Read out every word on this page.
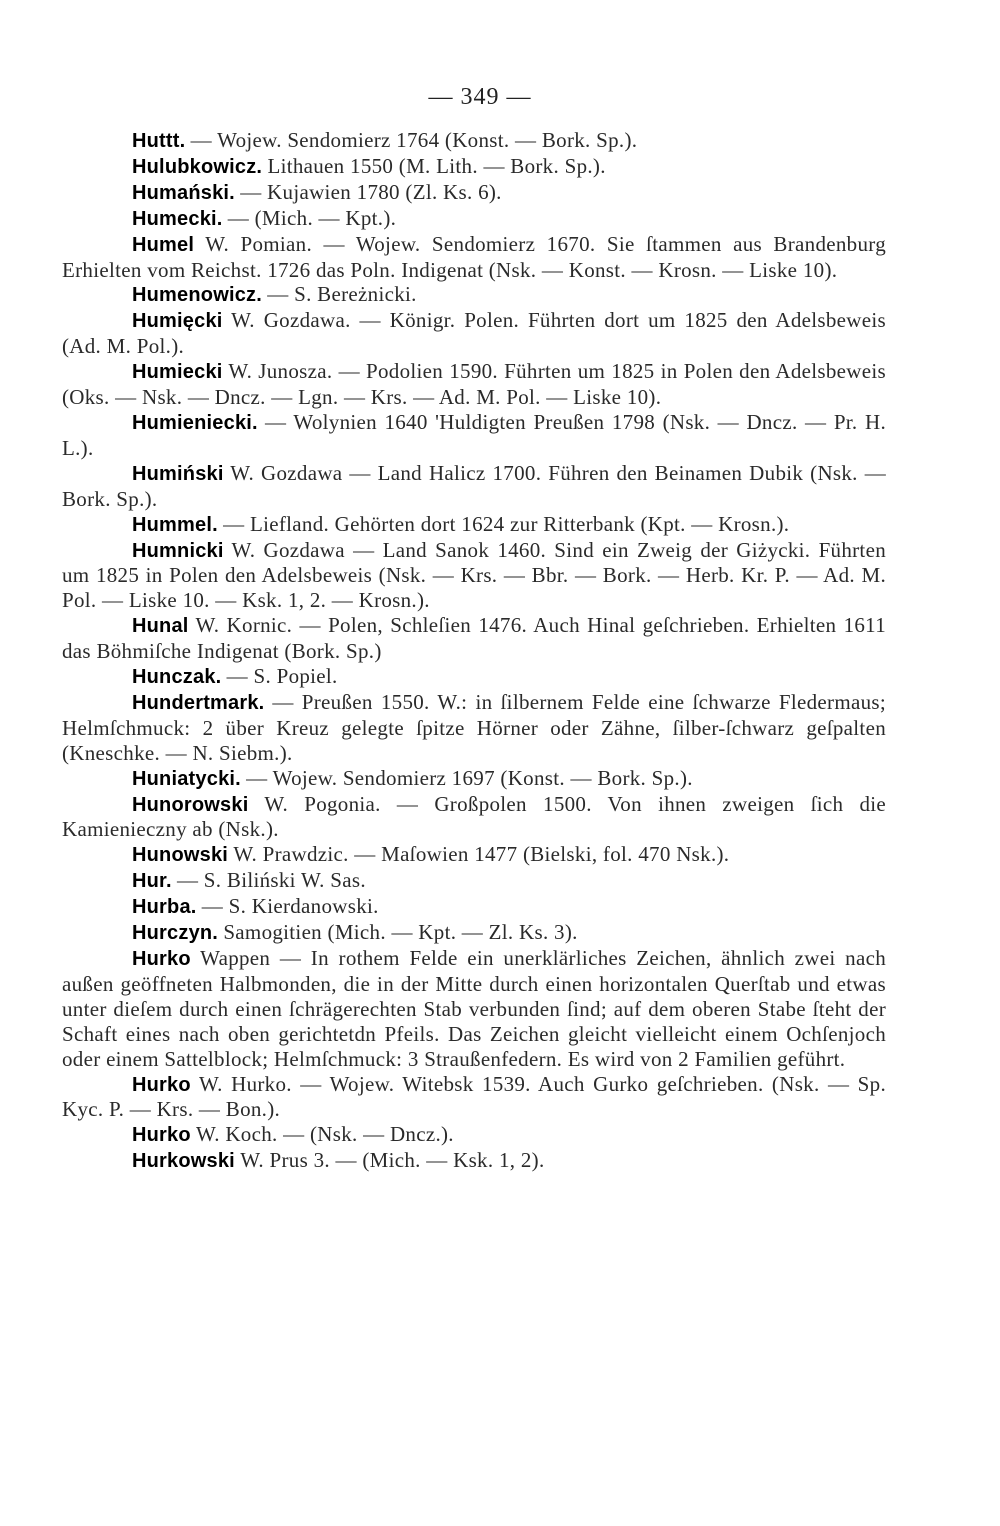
— 349 —

Huttt. — Wojew. Sendomierz 1764 (Konst. — Bork. Sp.).

Hulubkowicz. Lithauen 1550 (M. Lith. — Bork. Sp.).

Humański. — Kujawien 1780 (Zl. Ks. 6).

Humecki. — (Mich. — Kpt.).

Humel W. Pomian. — Wojew. Sendomierz 1670. Sie ſtammen aus Brandenburg Erhielten vom Reichst. 1726 das Poln. Indigenat (Nsk. — Konst. — Krosn. — Liske 10).

Humenowicz. — S. Bereżnicki.

Humięcki W. Gozdawa. — Königr. Polen. Führten dort um 1825 den Adelsbeweis (Ad. M. Pol.).

Humiecki W. Junosza. — Podolien 1590. Führten um 1825 in Polen den Adelsbeweis (Oks. — Nsk. — Dncz. — Lgn. — Krs. — Ad. M. Pol. — Liske 10).

Humieniecki. — Wolynien 1640 'Huldigten Preußen 1798 (Nsk. — Dncz. — Pr. H. L.).

Humiński W. Gozdawa — Land Halicz 1700. Führen den Beinamen Dubik (Nsk. — Bork. Sp.).

Hummel. — Liefland. Gehörten dort 1624 zur Ritterbank (Kpt. — Krosn.).

Humnicki W. Gozdawa — Land Sanok 1460. Sind ein Zweig der Giżycki. Führten um 1825 in Polen den Adelsbeweis (Nsk. — Krs. — Bbr. — Bork. — Herb. Kr. P. — Ad. M. Pol. — Liske 10. — Ksk. 1, 2. — Krosn.).

Hunal W. Kornic. — Polen, Schleſien 1476. Auch Hinal geſchrieben. Erhielten 1611 das Böhmiſche Indigenat (Bork. Sp.)

Hunczak. — S. Popiel.

Hundertmark. — Preußen 1550. W.: in ſilbernem Felde eine ſchwarze Fledermaus; Helmſchmuck: 2 über Kreuz gelegte ſpitze Hörner oder Zähne, ſilber-ſchwarz geſpalten (Kneschke. — N. Siebm.).

Huniatycki. — Wojew. Sendomierz 1697 (Konst. — Bork. Sp.).

Hunorowski W. Pogonia. — Großpolen 1500. Von ihnen zweigen ſich die Kamienieczny ab (Nsk.).

Hunowski W. Prawdzic. — Maſowien 1477 (Bielski, fol. 470 Nsk.).

Hur. — S. Biliński W. Sas.

Hurba. — S. Kierdanowski.

Hurczyn. Samogitien (Mich. — Kpt. — Zl. Ks. 3).

Hurko Wappen — In rothem Felde ein unerklärliches Zeichen, ähnlich zwei nach außen geöffneten Halbmonden, die in der Mitte durch einen horizontalen Querſtab und etwas unter dieſem durch einen ſchrägerechten Stab verbunden ſind; auf dem oberen Stabe ſteht der Schaft eines nach oben gerichtetdn Pfeils. Das Zeichen gleicht vielleicht einem Ochſenjoch oder einem Sattelblock; Helmſchmuck: 3 Straußenfedern. Es wird von 2 Familien geführt.

Hurko W. Hurko. — Wojew. Witebsk 1539. Auch Gurko geſchrieben. (Nsk. — Sp. Kyc. P. — Krs. — Bon.).

Hurko W. Koch. — (Nsk. — Dncz.).

Hurkowski W. Prus 3. — (Mich. — Ksk. 1, 2).
